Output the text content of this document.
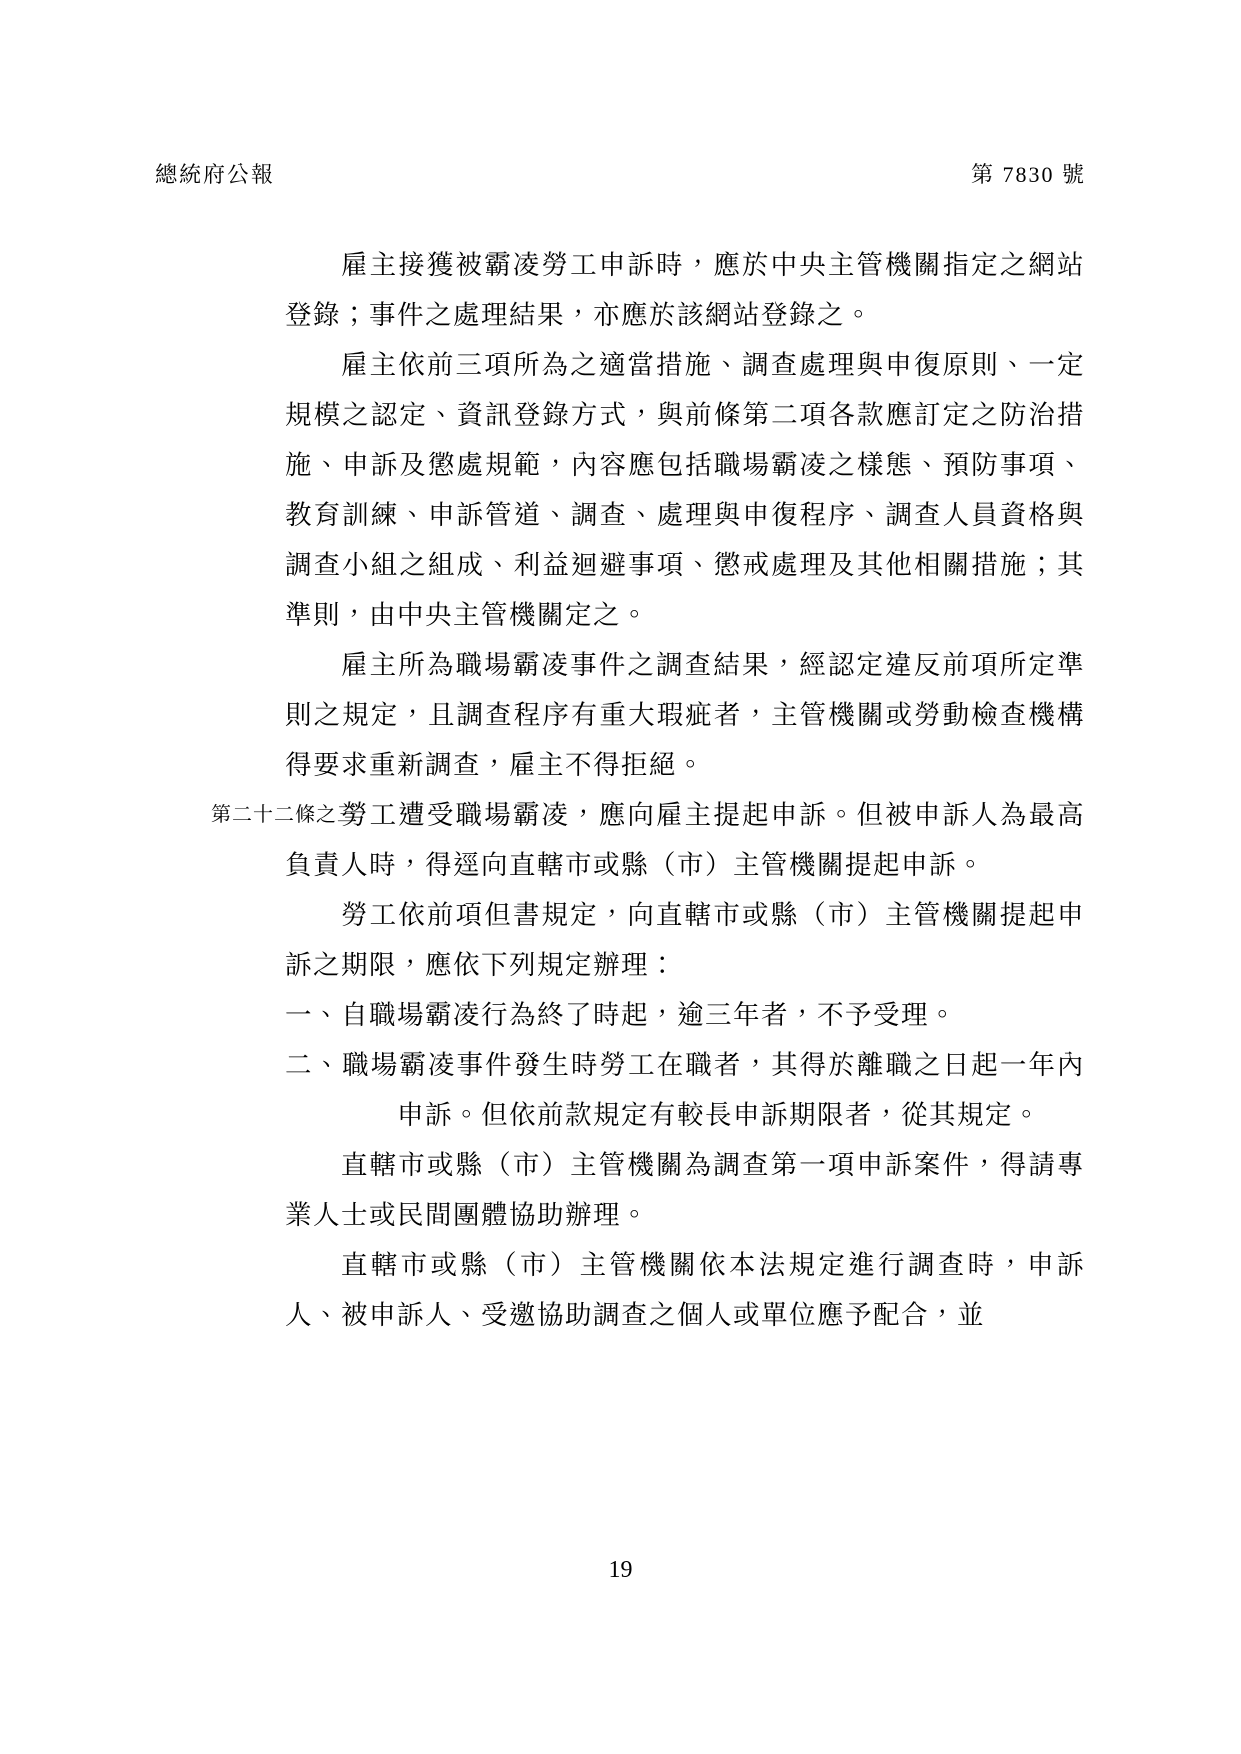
總統府公報	第 7830 號

雇主接獲被霸凌勞工申訴時，應於中央主管機關指定之網站登錄；事件之處理結果，亦應於該網站登錄之。

雇主依前三項所為之適當措施、調查處理與申復原則、一定規模之認定、資訊登錄方式，與前條第二項各款應訂定之防治措施、申訴及懲處規範，內容應包括職場霸凌之樣態、預防事項、教育訓練、申訴管道、調查、處理與申復程序、調查人員資格與調查小組之組成、利益迴避事項、懲戒處理及其他相關措施；其準則，由中央主管機關定之。

雇主所為職場霸凌事件之調查結果，經認定違反前項所定準則之規定，且調查程序有重大瑕疵者，主管機關或勞動檢查機構得要求重新調查，雇主不得拒絕。

第二十二條之三
勞工遭受職場霸凌，應向雇主提起申訴。但被申訴人為最高負責人時，得逕向直轄市或縣（市）主管機關提起申訴。

勞工依前項但書規定，向直轄市或縣（市）主管機關提起申訴之期限，應依下列規定辦理：

一、自職場霸凌行為終了時起，逾三年者，不予受理。

二、職場霸凌事件發生時勞工在職者，其得於離職之日起一年內申訴。但依前款規定有較長申訴期限者，從其規定。

直轄市或縣（市）主管機關為調查第一項申訴案件，得請專業人士或民間團體協助辦理。

直轄市或縣（市）主管機關依本法規定進行調查時，申訴人、被申訴人、受邀協助調查之個人或單位應予配合，並

19
